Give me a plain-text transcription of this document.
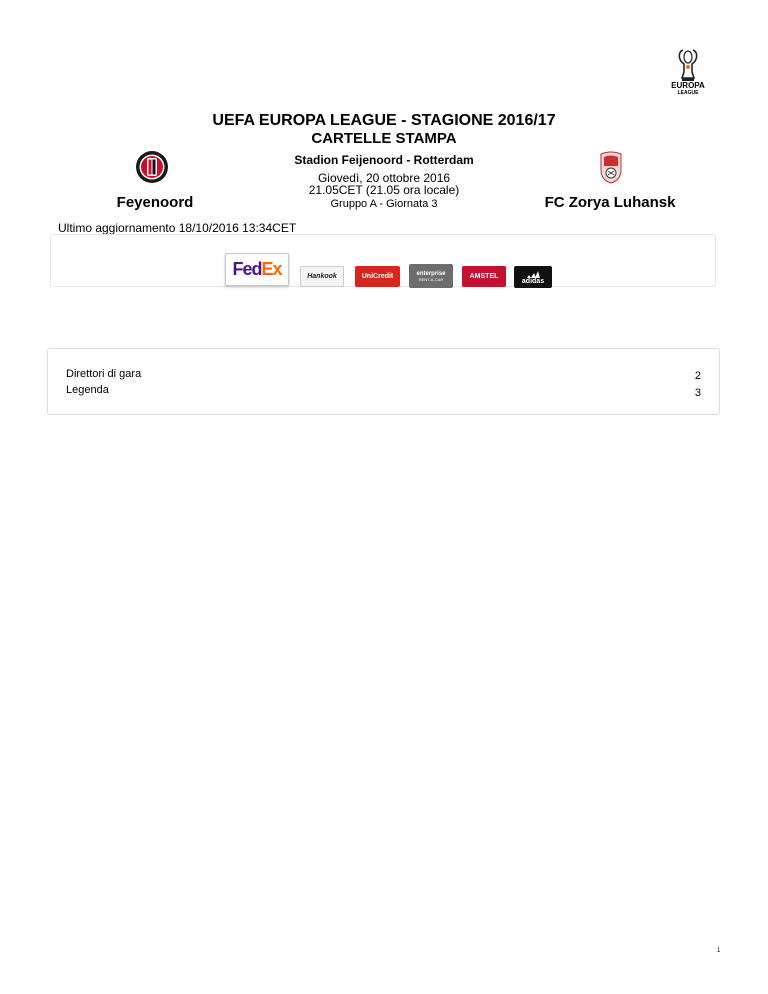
EUROPA
LEAGUE
UEFA EUROPA LEAGUE - STAGIONE 2016/17
CARTELLE STAMPA
Stadion Feijenoord - Rotterdam
Giovedì, 20 ottobre 2016
21.05CET (21.05 ora locale)
Gruppo A - Giornata 3
Feyenoord	FC Zorya Luhansk
Ultimo aggiornamento 18/10/2016 13:34CET
Fed Ex	Hankook	UniCredit	enterprise
RENT-A-CAR	AMSTEL
adidas
Direttori di gara	2
Legenda	3
1
